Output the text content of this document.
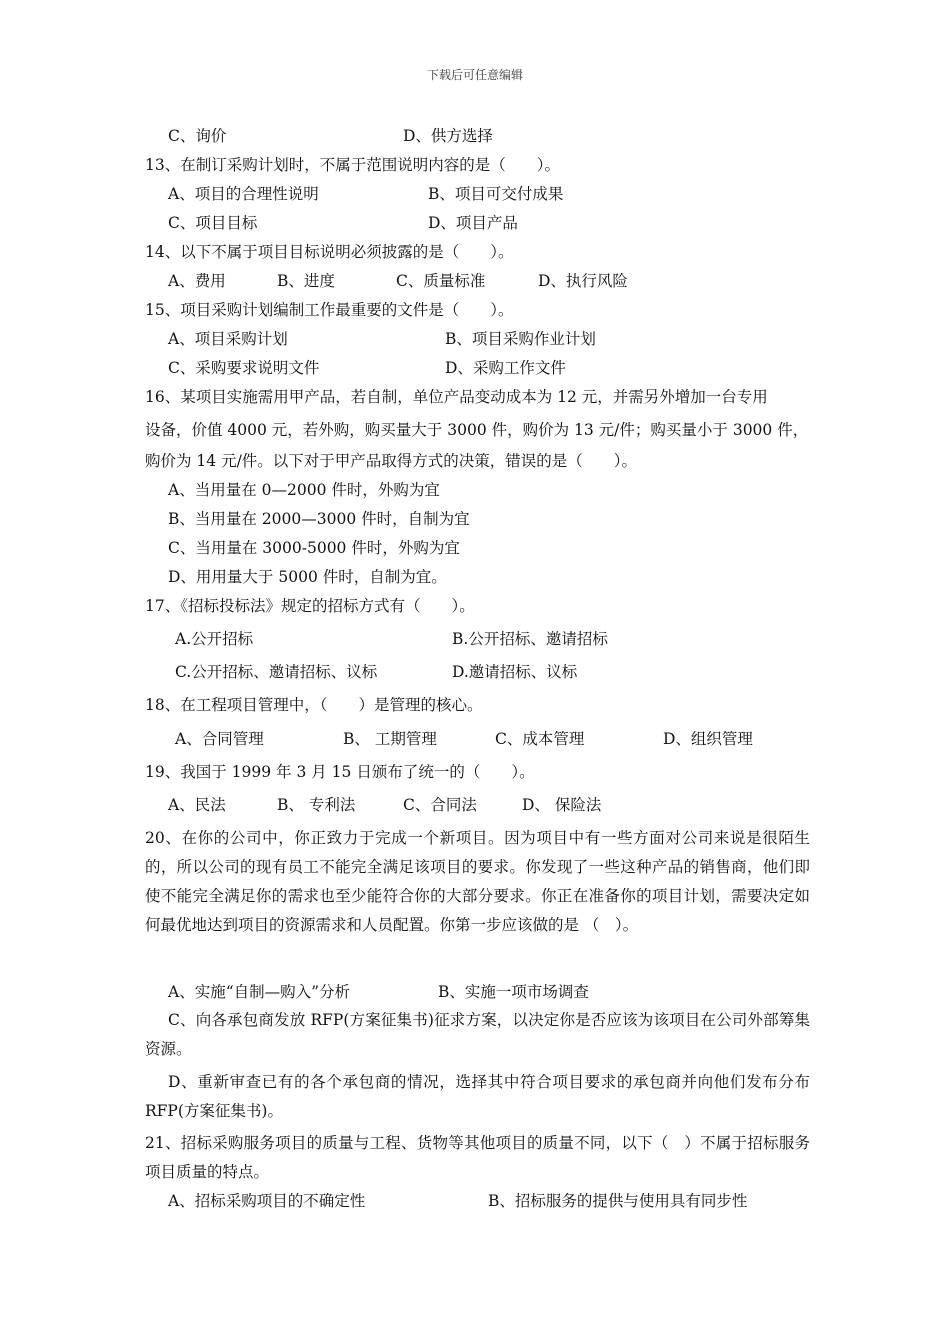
下载后可任意编辑
C、询价	D、供方选择
13、在制订采购计划时，不属于范围说明内容的是（　　）。
A、项目的合理性说明	B、项目可交付成果
C、项目目标	D、项目产品
14、以下不属于项目目标说明必须披露的是（　　）。
A、费用	B、进度	C、质量标准	D、执行风险
15、项目采购计划编制工作最重要的文件是（　　）。
A、项目采购计划	B、项目采购作业计划
C、采购要求说明文件	D、采购工作文件
16、某项目实施需用甲产品，若自制，单位产品变动成本为 12 元，并需另外增加一台专用
设备，价值 4000 元，若外购，购买量大于 3000 件，购价为 13 元/件；购买量小于 3000 件，
购价为 14 元/件。以下对于甲产品取得方式的决策，错误的是（　　）。
A、当用量在 0—2000 件时，外购为宜
B、当用量在 2000—3000 件时，自制为宜
C、当用量在 3000-5000 件时，外购为宜
D、用用量大于 5000 件时，自制为宜。
17、《招标投标法》规定的招标方式有（　　）。
A.公开招标	B.公开招标、邀请招标
C.公开招标、邀请招标、议标	D.邀请招标、议标
18、在工程项目管理中，（　　）是管理的核心。
A、合同管理	B、 工期管理	C、成本管理	D、组织管理
19、我国于 1999 年 3 月 15 日颁布了统一的（　　）。
A、民法	B、 专利法	C、合同法	D、 保险法
20、在你的公司中，你正致力于完成一个新项目。因为项目中有一些方面对公司来说是很陌生的，所以公司的现有员工不能完全满足该项目的要求。你发现了一些这种产品的销售商，他们即使不能完全满足你的需求也至少能符合你的大部分要求。你正在准备你的项目计划，需要决定如何最优地达到项目的资源需求和人员配置。你第一步应该做的是 （　）。
A、实施“自制—购入”分析	B、实施一项市场调查
C、向各承包商发放 RFP(方案征集书)征求方案，以决定你是否应该为该项目在公司外部筹集资源。
D、重新审查已有的各个承包商的情况，选择其中符合项目要求的承包商并向他们发布分布 RFP(方案征集书)。
21、招标采购服务项目的质量与工程、货物等其他项目的质量不同，以下（　）不属于招标服务项目质量的特点。
A、招标采购项目的不确定性	B、招标服务的提供与使用具有同步性
